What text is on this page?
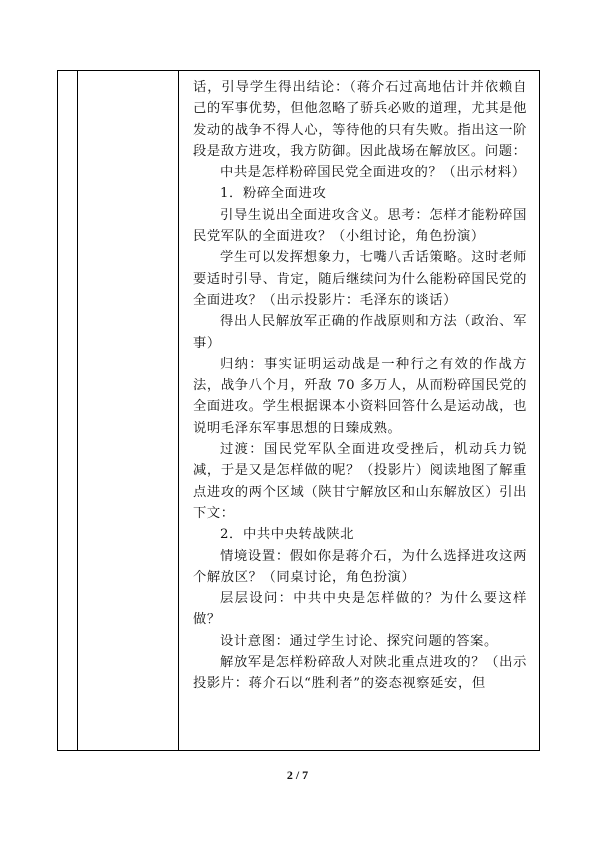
话，引导学生得出结论：（蒋介石过高地估计并依赖自己的军事优势，但他忽略了骄兵必败的道理，尤其是他发动的战争不得人心，等待他的只有失败。指出这一阶段是敌方进攻，我方防御。因此战场在解放区。问题：

中共是怎样粉碎国民党全面进攻的？（出示材料）

1．粉碎全面进攻

引导生说出全面进攻含义。思考：怎样才能粉碎国民党军队的全面进攻？（小组讨论，角色扮演）

学生可以发挥想象力，七嘴八舌话策略。这时老师要适时引导、肯定，随后继续问为什么能粉碎国民党的全面进攻？（出示投影片：毛泽东的谈话）

得出人民解放军正确的作战原则和方法（政治、军事）

归纳：事实证明运动战是一种行之有效的作战方法，战争八个月，歼敌 70 多万人，从而粉碎国民党的全面进攻。学生根据课本小资料回答什么是运动战，也说明毛泽东军事思想的日臻成熟。

过渡：国民党军队全面进攻受挫后，机动兵力锐减，于是又是怎样做的呢？（投影片）阅读地图了解重点进攻的两个区域（陕甘宁解放区和山东解放区）引出下文：

2．中共中央转战陕北

情境设置：假如你是蒋介石，为什么选择进攻这两个解放区？（同桌讨论，角色扮演）

层层设问：中共中央是怎样做的？为什么要这样做？

设计意图：通过学生讨论、探究问题的答案。

解放军是怎样粉碎敌人对陕北重点进攻的？（出示投影片：蒋介石以“胜利者”的姿态视察延安，但

2 / 7
